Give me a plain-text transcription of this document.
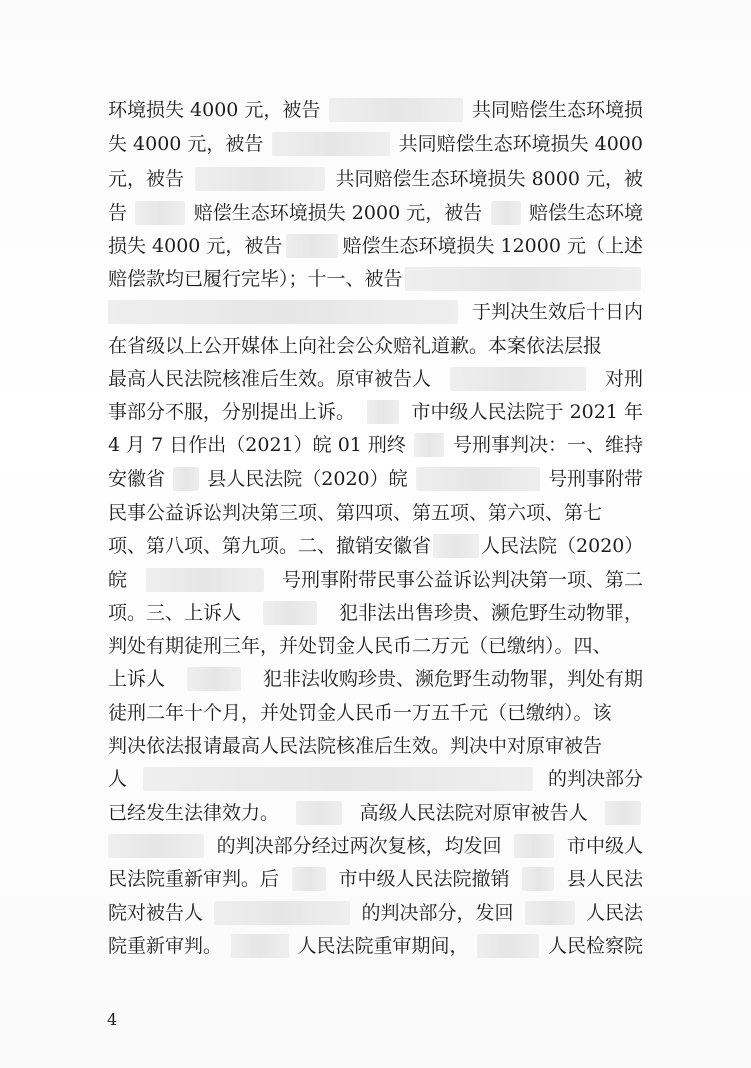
环境损失 4000 元，被告	共同赔偿生态环境损
失 4000 元，被告	共同赔偿生态环境损失 4000
元，被告	共同赔偿生态环境损失 8000 元，被
告	赔偿生态环境损失 2000 元，被告 赔偿生态环境
损失 4000 元，被告	赔偿生态环境损失 12000 元（上述
赔偿款均已履行完毕）；十一、被告
于判决生效后十日内
在省级以上公开媒体上向社会公众赔礼道歉。本案依法层报
最高人民法院核准后生效。原审被告人	对刑
事部分不服，分别提出上诉。	市中级人民法院于 2021 年
4 月 7 日作出（2021）皖 01 刑终 号刑事判决：一、维持
安徽省 县人民法院（2020）皖	号刑事附带
民事公益诉讼判决第三项、第四项、第五项、第六项、第七
项、第八项、第九项。二、撤销安徽省	人民法院（2020）
皖	号刑事附带民事公益诉讼判决第一项、第二
项。三、上诉人	犯非法出售珍贵、濒危野生动物罪，
判处有期徒刑三年，并处罚金人民币二万元（已缴纳）。四、
上诉人	犯非法收购珍贵、濒危野生动物罪，判处有期
徒刑二年十个月，并处罚金人民币一万五千元（已缴纳）。该
判决依法报请最高人民法院核准后生效。判决中对原审被告
人	的判决部分
已经发生法律效力。	高级人民法院对原审被告人
的判决部分经过两次复核，均发回	市中级人
民法院重新审判。后	市中级人民法院撤销	县人民法
院对被告人	的判决部分，发回	人民法
院重新审判。	人民法院重审期间，	人民检察院
4
